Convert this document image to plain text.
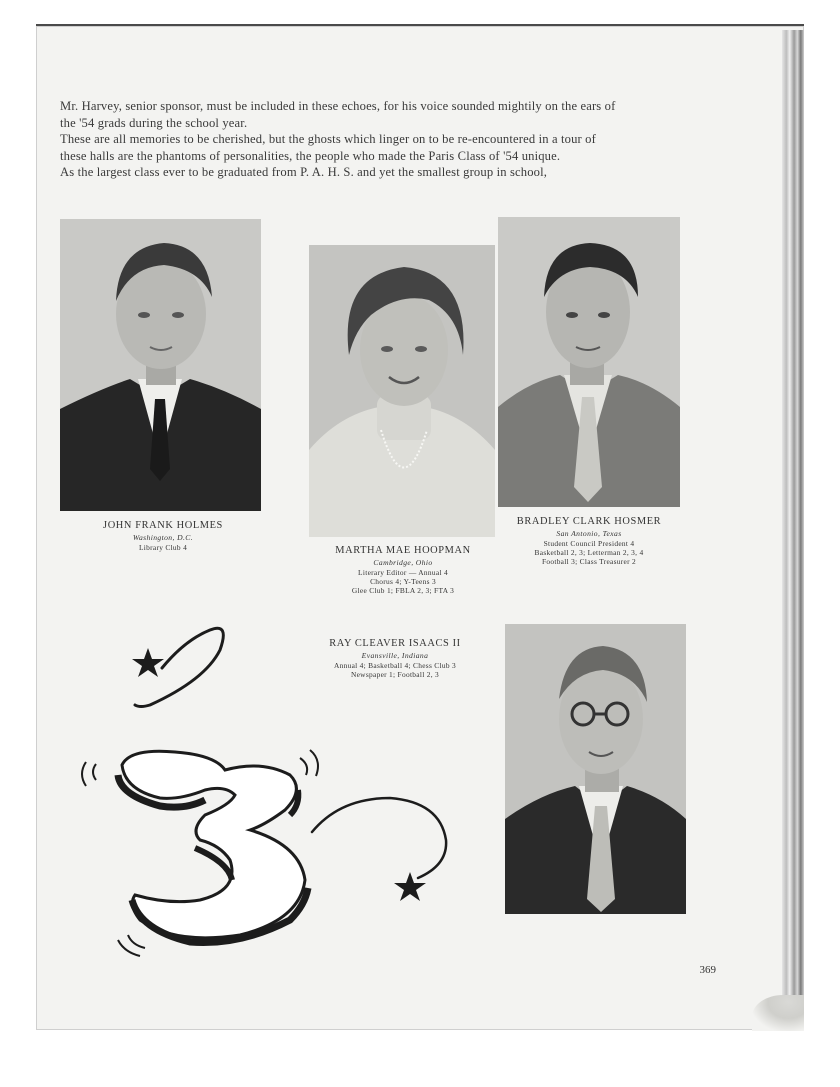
Mr. Harvey, senior sponsor, must be included in these echoes, for his voice sounded mightily on the ears of

the '54 grads during the school year.

These are all memories to be cherished, but the ghosts which linger on to be re-encountered in a tour of

these halls are the phantoms of personalities, the people who made the Paris Class of '54 unique.

As the largest class ever to be graduated from P. A. H. S. and yet the smallest group in school,

JOHN FRANK HOLMES
Washington, D.C.
Library Club 4	MARTHA MAE HOOPMAN
Cambridge, Ohio
Literary Editor — Annual 4
Chorus 4; Y-Teens 3
Glee Club 1; FBLA 2, 3; FTA 3
BRADLEY CLARK HOSMER
San Antonio, Texas
Student Council President 4
Basketball 2, 3; Letterman 2, 3, 4
Football 3; Class Treasurer 2
RAY CLEAVER ISAACS II
Evansville, Indiana
Annual 4; Basketball 4; Chess Club 3
Newspaper 1; Football 2, 3
369
